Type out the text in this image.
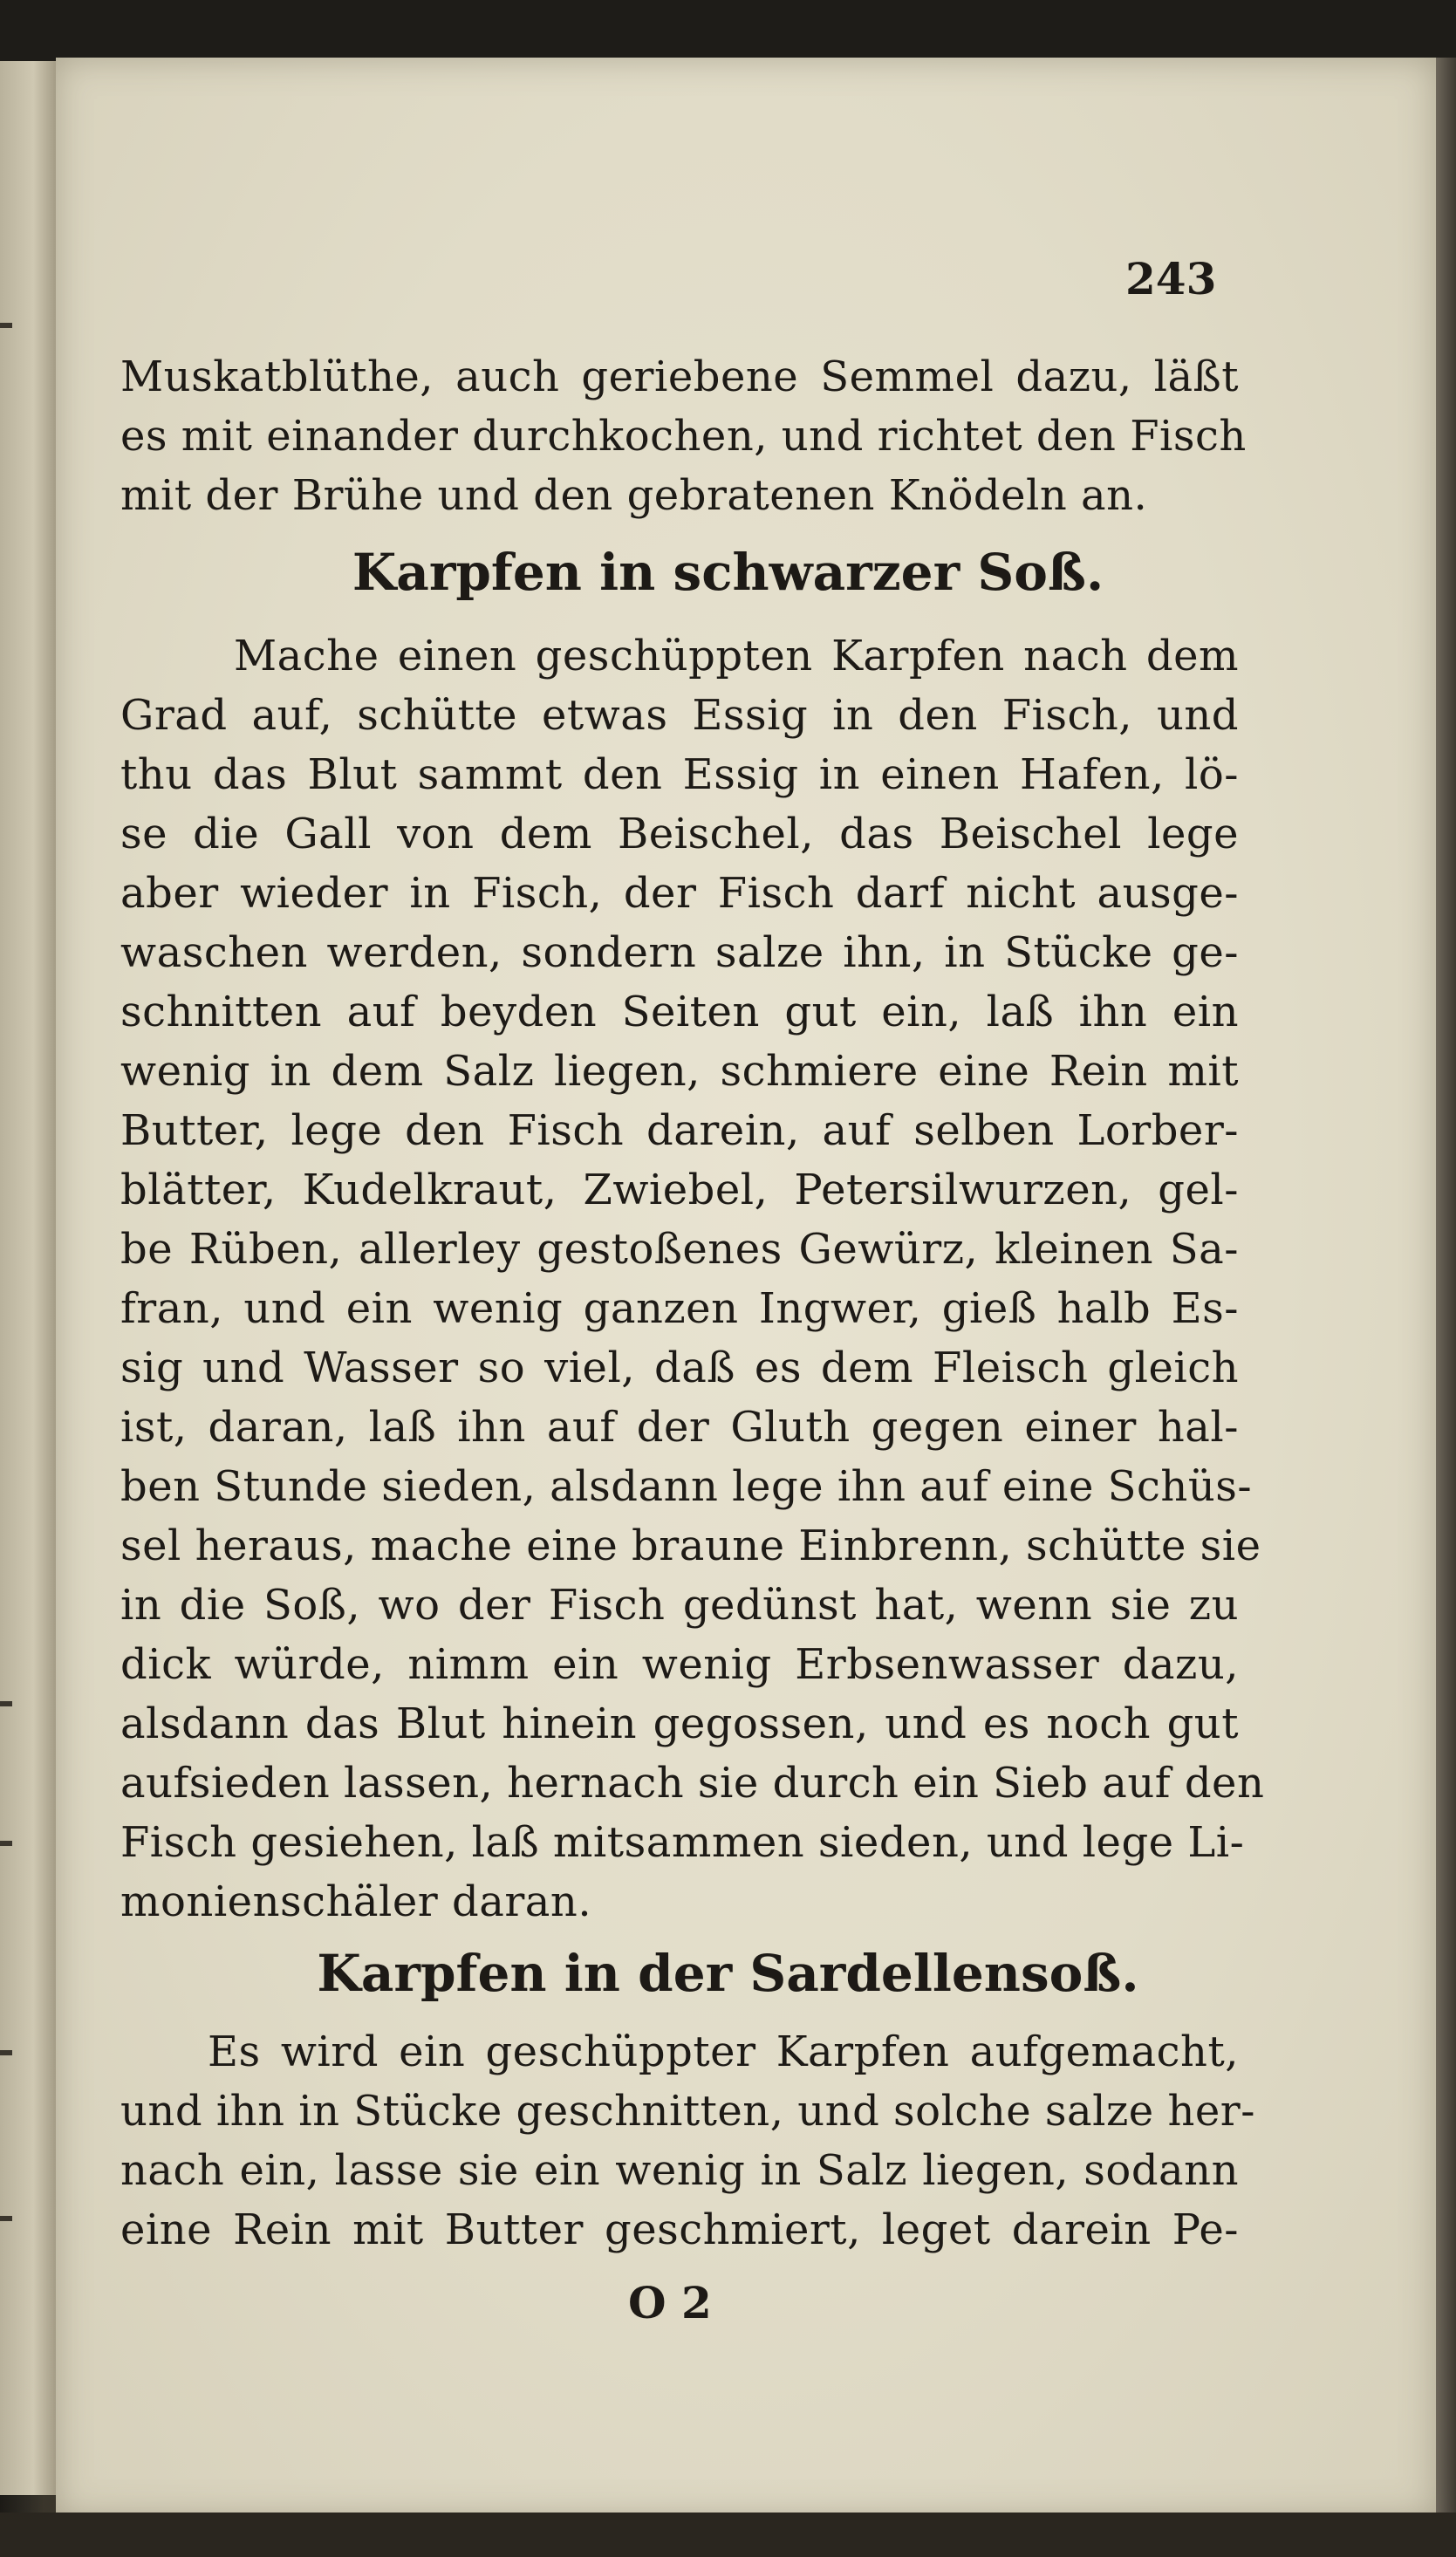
243
Muskatblüthe, auch geriebene Semmel dazu, läßt
es mit einander durchkochen, und richtet den Fisch
mit der Brühe und den gebratenen Knödeln an.
Karpfen in schwarzer Soß.
Mache einen geschüppten Karpfen nach dem
Grad auf, schütte etwas Essig in den Fisch, und
thu das Blut sammt den Essig in einen Hafen, lö-
se die Gall von dem Beischel, das Beischel lege
aber wieder in Fisch, der Fisch darf nicht ausge-
waschen werden, sondern salze ihn, in Stücke ge-
schnitten auf beyden Seiten gut ein, laß ihn ein
wenig in dem Salz liegen, schmiere eine Rein mit
Butter, lege den Fisch darein, auf selben Lorber-
blätter, Kudelkraut, Zwiebel, Petersilwurzen, gel-
be Rüben, allerley gestoßenes Gewürz, kleinen Sa-
fran, und ein wenig ganzen Ingwer, gieß halb Es-
sig und Wasser so viel, daß es dem Fleisch gleich
ist, daran, laß ihn auf der Gluth gegen einer hal-
ben Stunde sieden, alsdann lege ihn auf eine Schüs-
sel heraus, mache eine braune Einbrenn, schütte sie
in die Soß, wo der Fisch gedünst hat, wenn sie zu
dick würde, nimm ein wenig Erbsenwasser dazu,
alsdann das Blut hinein gegossen, und es noch gut
aufsieden lassen, hernach sie durch ein Sieb auf den
Fisch gesiehen, laß mitsammen sieden, und lege Li-
monienschäler daran.
Karpfen in der Sardellensoß.
Es wird ein geschüppter Karpfen aufgemacht,
und ihn in Stücke geschnitten, und solche salze her-
nach ein, lasse sie ein wenig in Salz liegen, sodann
eine Rein mit Butter geschmiert, leget darein Pe-
O 2
